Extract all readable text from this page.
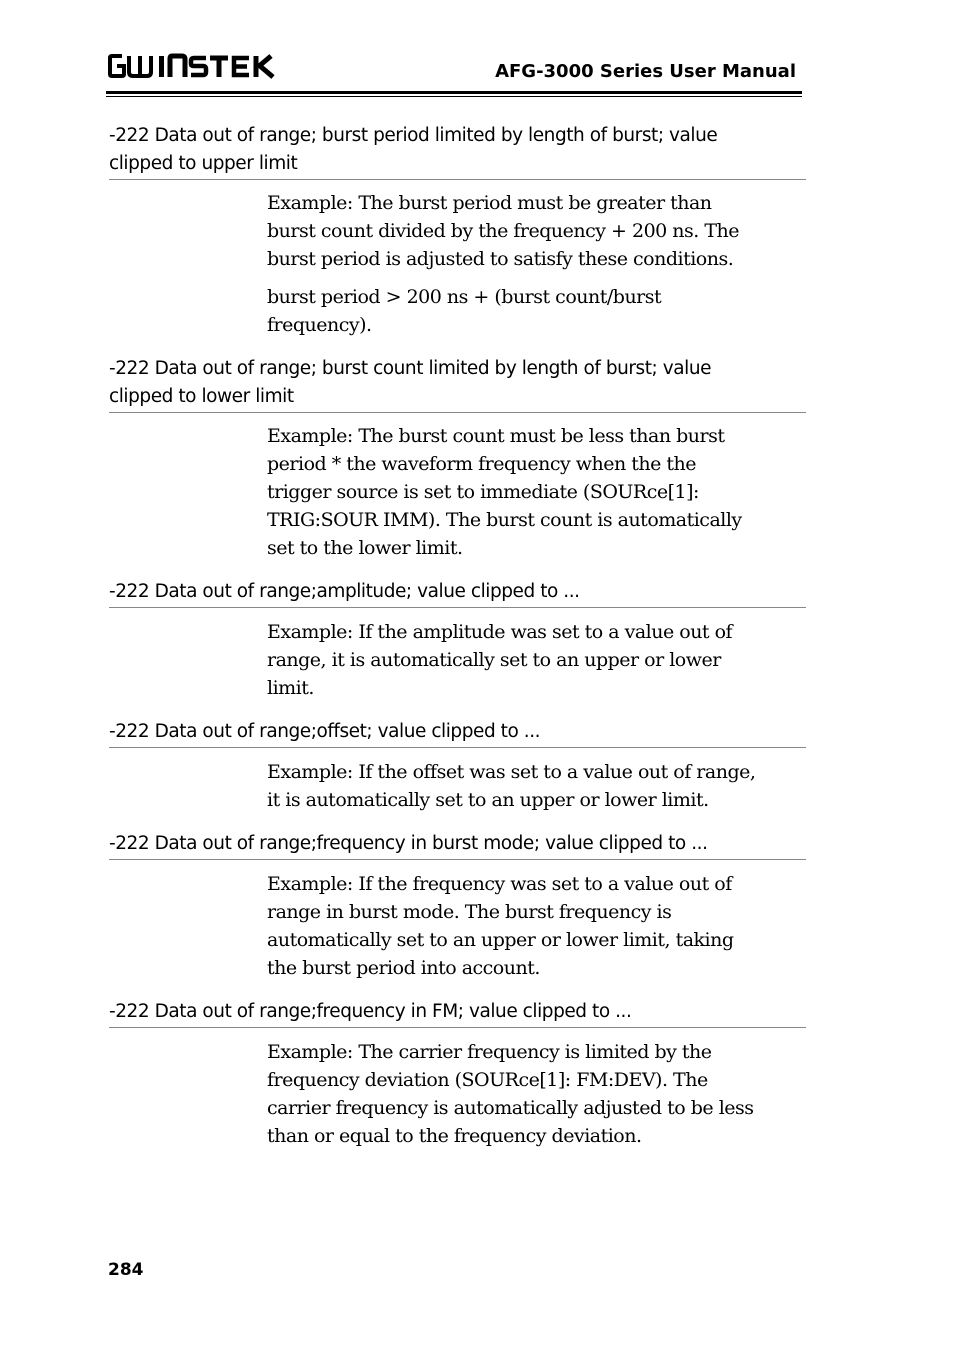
AFG-3000 Series User Manual
-222 Data out of range; burst period limited by length of burst; value
clipped to upper limit
Example: The burst period must be greater than
burst count divided by the frequency + 200 ns. The
burst period is adjusted to satisfy these conditions.
burst period > 200 ns + (burst count/burst
frequency).
-222 Data out of range; burst count limited by length of burst; value
clipped to lower limit
Example: The burst count must be less than burst
period * the waveform frequency when the the
trigger source is set to immediate (SOURce[1]:
TRIG:SOUR IMM). The burst count is automatically
set to the lower limit.
-222 Data out of range;amplitude; value clipped to ...
Example: If the amplitude was set to a value out of
range, it is automatically set to an upper or lower
limit.
-222 Data out of range;offset; value clipped to ...
Example: If the offset was set to a value out of range,
it is automatically set to an upper or lower limit.
-222 Data out of range;frequency in burst mode; value clipped to ...
Example: If the frequency was set to a value out of
range in burst mode. The burst frequency is
automatically set to an upper or lower limit, taking
the burst period into account.
-222 Data out of range;frequency in FM; value clipped to ...
Example: The carrier frequency is limited by the
frequency deviation (SOURce[1]: FM:DEV). The
carrier frequency is automatically adjusted to be less
than or equal to the frequency deviation.
284
